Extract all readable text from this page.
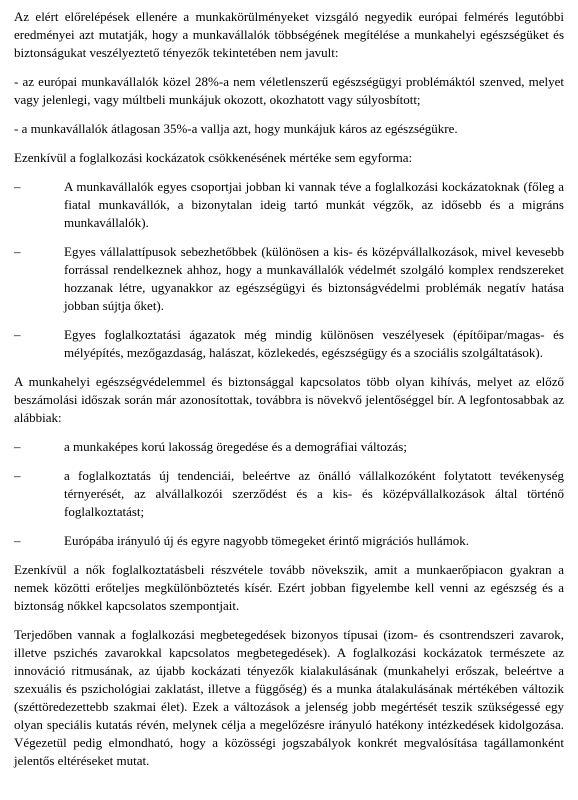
Az elért előrelépések ellenére a munkakörülményeket vizsgáló negyedik európai felmérés legutóbbi eredményei azt mutatják, hogy a munkavállalók többségének megítélése a munkahelyi egészségüket és biztonságukat veszélyeztető tényezők tekintetében nem javult:

- az európai munkavállalók közel 28%-a nem véletlenszerű egészségügyi problémáktól szenved, melyet vagy jelenlegi, vagy múltbeli munkájuk okozott, okozhatott vagy súlyosbított;

- a munkavállalók átlagosan 35%-a vallja azt, hogy munkájuk káros az egészségükre.

Ezenkívül a foglalkozási kockázatok csökkenésének mértéke sem egyforma:

–	A munkavállalók egyes csoportjai jobban ki vannak téve a foglalkozási kockázatoknak (főleg a fiatal munkavállók, a bizonytalan ideig tartó munkát végzők, az idősebb és a migráns munkavállalók).
–	Egyes vállalattípusok sebezhetőbbek (különösen a kis- és középvállalkozások, mivel kevesebb forrással rendelkeznek ahhoz, hogy a munkavállalók védelmét szolgáló komplex rendszereket hozzanak létre, ugyanakkor az egészségügyi és biztonságvédelmi problémák negatív hatása jobban sújtja őket).
–	Egyes foglalkoztatási ágazatok még mindig különösen veszélyesek (építőipar/magas- és mélyépítés, mezőgazdaság, halászat, közlekedés, egészségügy és a szociális szolgáltatások).

A munkahelyi egészségvédelemmel és biztonsággal kapcsolatos több olyan kihívás, melyet az előző beszámolási időszak során már azonosítottak, továbbra is növekvő jelentőséggel bír. A legfontosabbak az alábbiak:

–	a munkaképes korú lakosság öregedése és a demográfiai változás;
–	a foglalkoztatás új tendenciái, beleértve az önálló vállalkozóként folytatott tevékenység térnyerését, az alvállalkozói szerződést és a kis- és középvállalkozások által történő foglalkoztatást;
–	Európába irányuló új és egyre nagyobb tömegeket érintő migrációs hullámok.

Ezenkívül a nők foglalkoztatásbeli részvétele tovább növekszik, amit a munkaerőpiacon gyakran a nemek közötti erőteljes megkülönböztetés kísér. Ezért jobban figyelembe kell venni az egészség és a biztonság nőkkel kapcsolatos szempontjait.

Terjedőben vannak a foglalkozási megbetegedések bizonyos típusai (izom- és csontrendszeri zavarok, illetve pszichés zavarokkal kapcsolatos megbetegedések). A foglalkozási kockázatok természete az innováció ritmusának, az újabb kockázati tényezők kialakulásának (munkahelyi erőszak, beleértve a szexuális és pszichológiai zaklatást, illetve a függőség) és a munka átalakulásának mértékében változik (széttöredezettebb szakmai élet). Ezek a változások a jelenség jobb megértését teszik szükségessé egy olyan speciális kutatás révén, melynek célja a megelőzésre irányuló hatékony intézkedések kidolgozása. Végezetül pedig elmondható, hogy a közösségi jogszabályok konkrét megvalósítása tagállamonként jelentős eltéréseket mutat.
